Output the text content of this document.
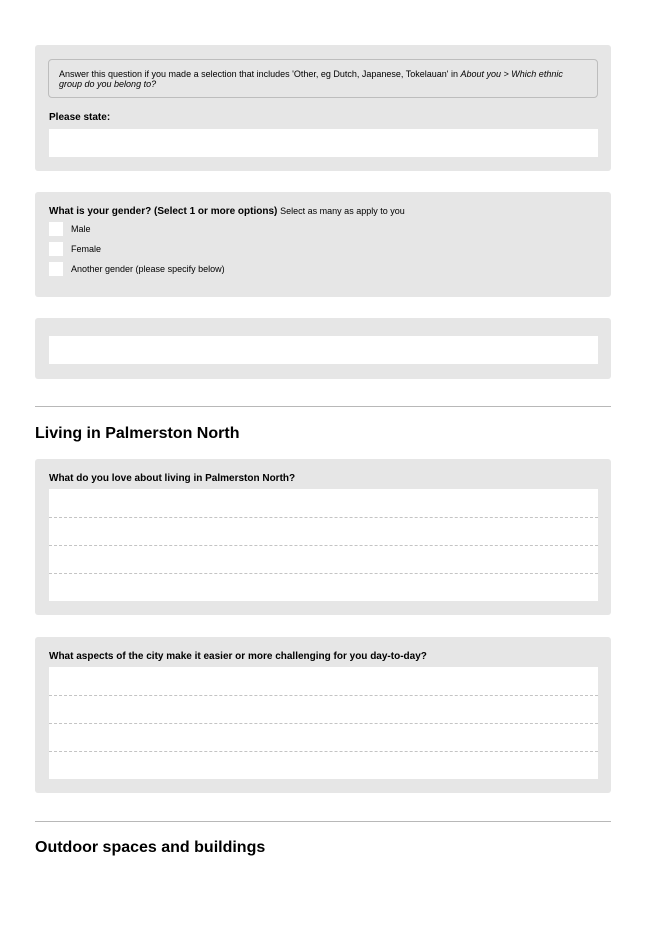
Answer this question if you made a selection that includes 'Other, eg Dutch, Japanese, Tokelauan' in About you > Which ethnic group do you belong to?
Please state:
What is your gender? (Select 1 or more options) Select as many as apply to you
Male
Female
Another gender (please specify below)
Living in Palmerston North
What do you love about living in Palmerston North?
What aspects of the city make it easier or more challenging for you day-to-day?
Outdoor spaces and buildings
